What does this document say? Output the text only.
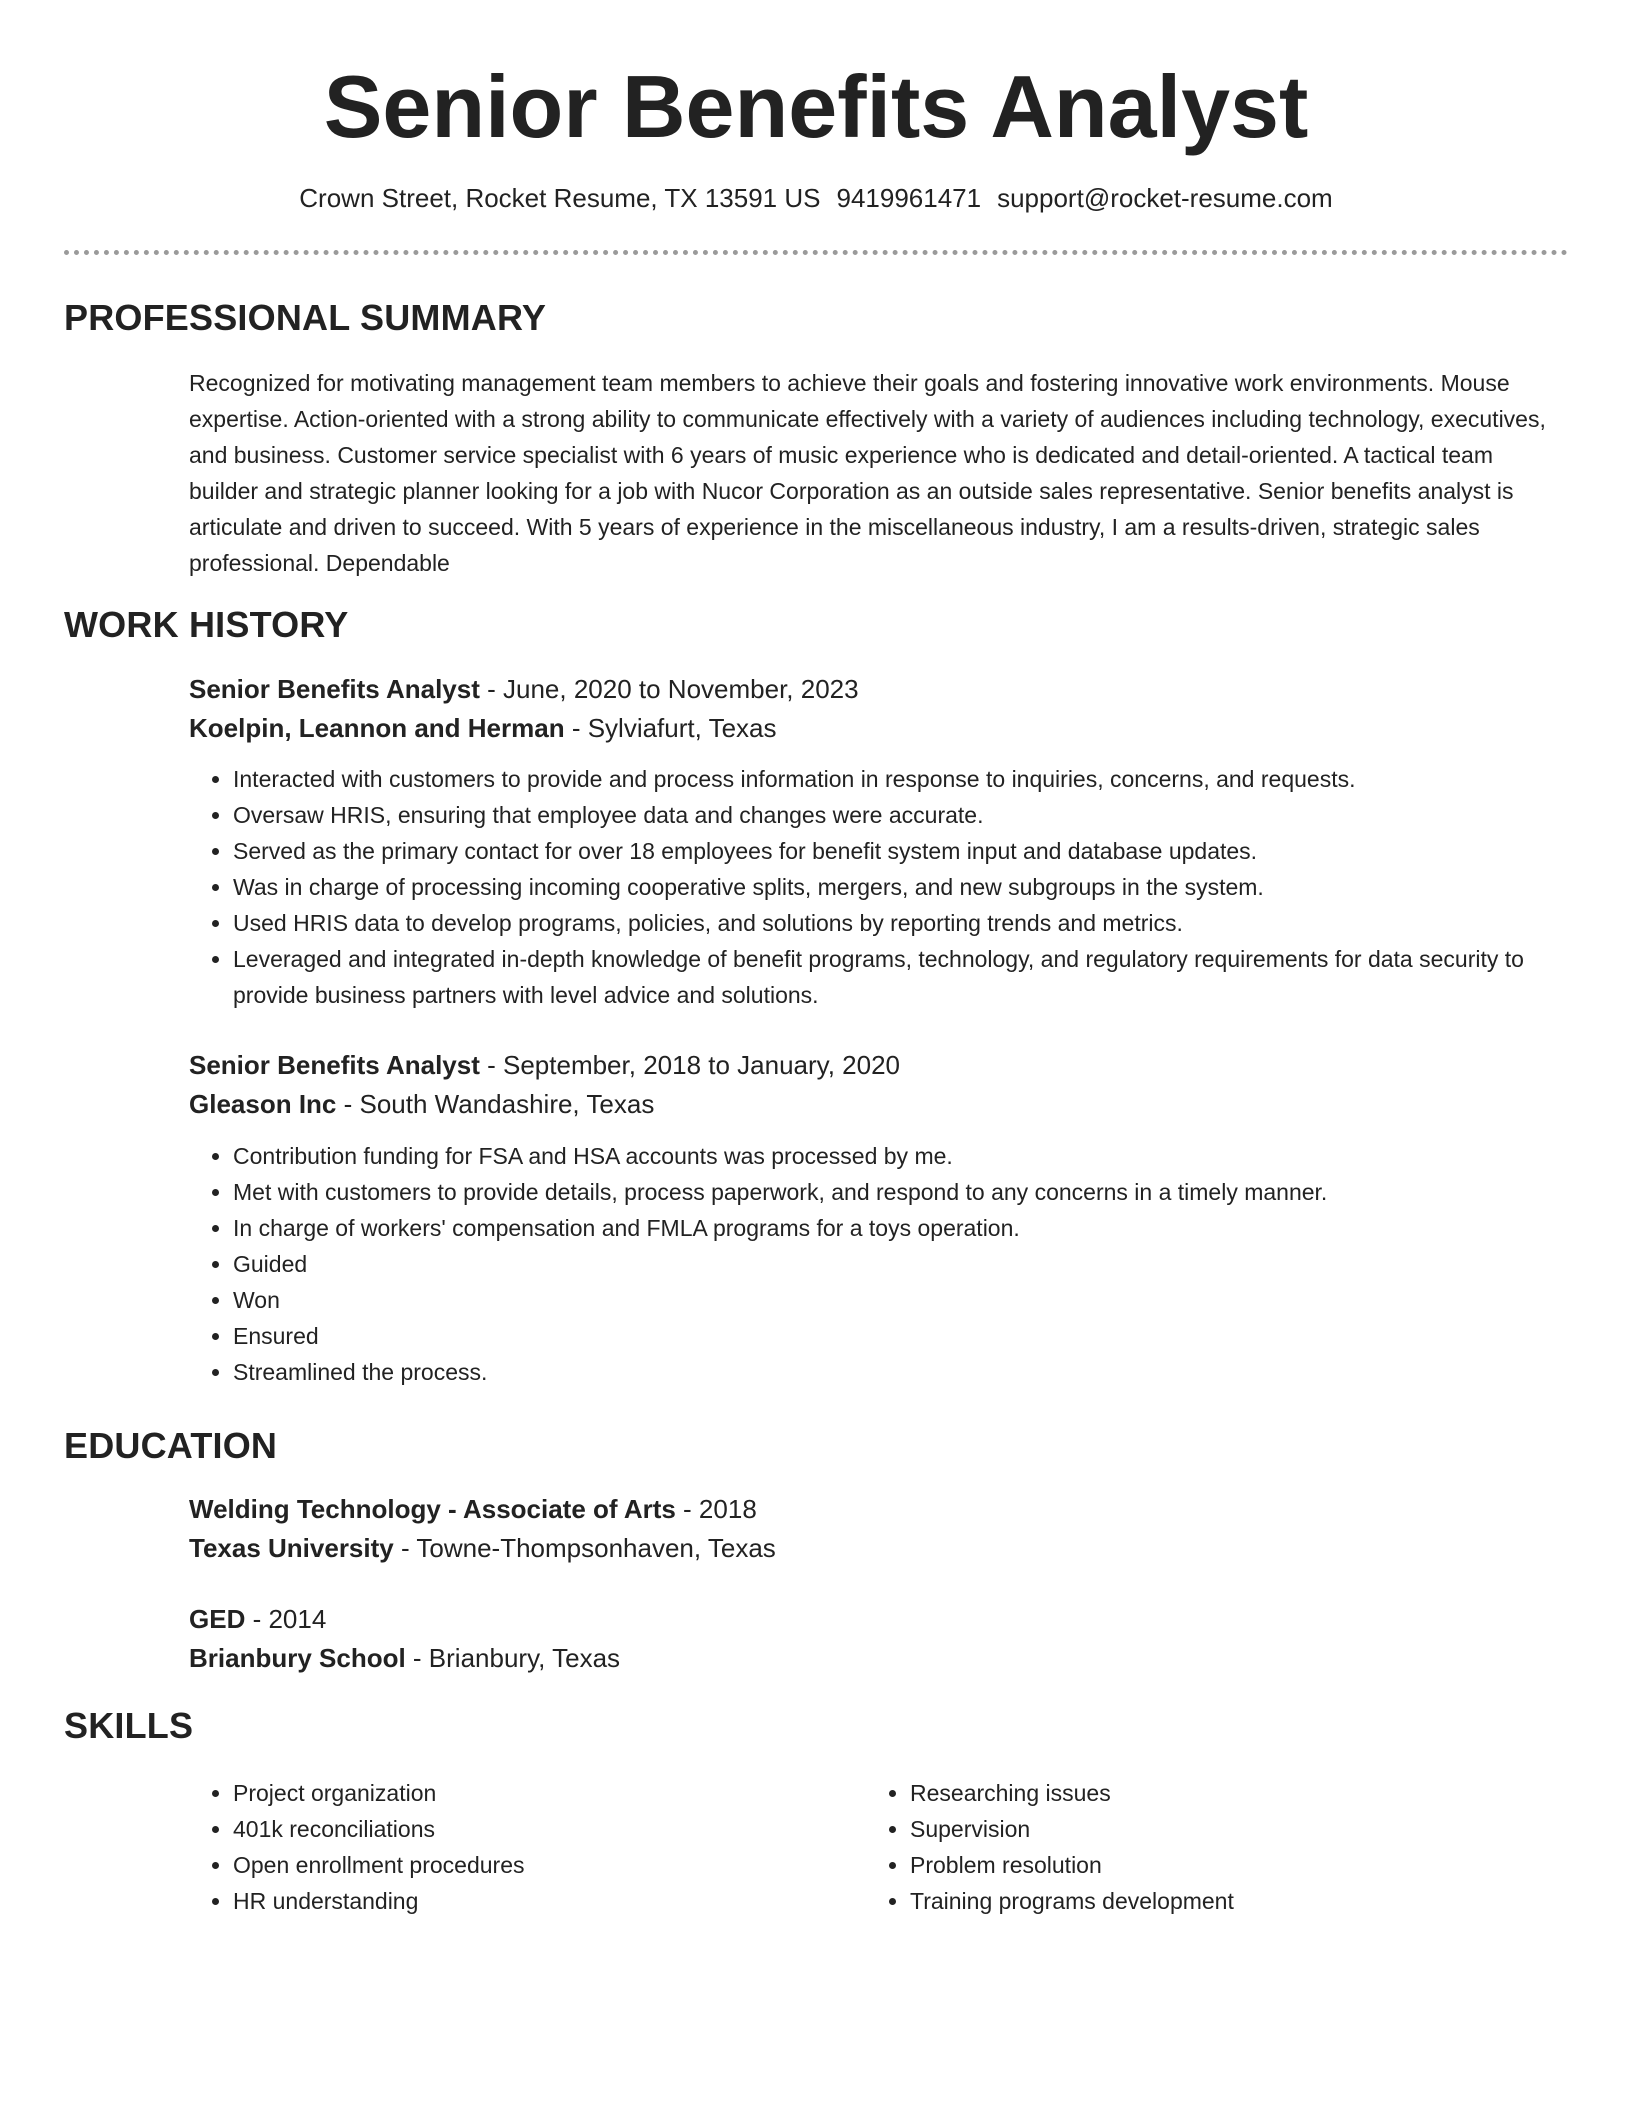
Senior Benefits Analyst
Crown Street, Rocket Resume, TX 13591 US 9419961471 support@rocket-resume.com
PROFESSIONAL SUMMARY

Recognized for motivating management team members to achieve their goals and fostering innovative work environments. Mouse expertise. Action-oriented with a strong ability to communicate effectively with a variety of audiences including technology, executives, and business. Customer service specialist with 6 years of music experience who is dedicated and detail-oriented. A tactical team builder and strategic planner looking for a job with Nucor Corporation as an outside sales representative. Senior benefits analyst is articulate and driven to succeed. With 5 years of experience in the miscellaneous industry, I am a results-driven, strategic sales professional. Dependable

WORK HISTORY

Senior Benefits Analyst - June, 2020 to November, 2023

Koelpin, Leannon and Herman - Sylviafurt, Texas

• Interacted with customers to provide and process information in response to inquiries, concerns, and requests.
• Oversaw HRIS, ensuring that employee data and changes were accurate.
• Served as the primary contact for over 18 employees for benefit system input and database updates.
• Was in charge of processing incoming cooperative splits, mergers, and new subgroups in the system.
• Used HRIS data to develop programs, policies, and solutions by reporting trends and metrics.
• Leveraged and integrated in-depth knowledge of benefit programs, technology, and regulatory requirements for data security to provide business partners with level advice and solutions.

Senior Benefits Analyst - September, 2018 to January, 2020

Gleason Inc - South Wandashire, Texas

• Contribution funding for FSA and HSA accounts was processed by me.
• Met with customers to provide details, process paperwork, and respond to any concerns in a timely manner.
• In charge of workers' compensation and FMLA programs for a toys operation.
• Guided
• Won
• Ensured
• Streamlined the process.
EDUCATION

Welding Technology - Associate of Arts - 2018

Texas University - Towne-Thompsonhaven, Texas

GED - 2014

Brianbury School - Brianbury, Texas

SKILLS
• Project organization
• 401k reconciliations
• Open enrollment procedures
• HR understanding
• Researching issues
• Supervision
• Problem resolution
• Training programs development
